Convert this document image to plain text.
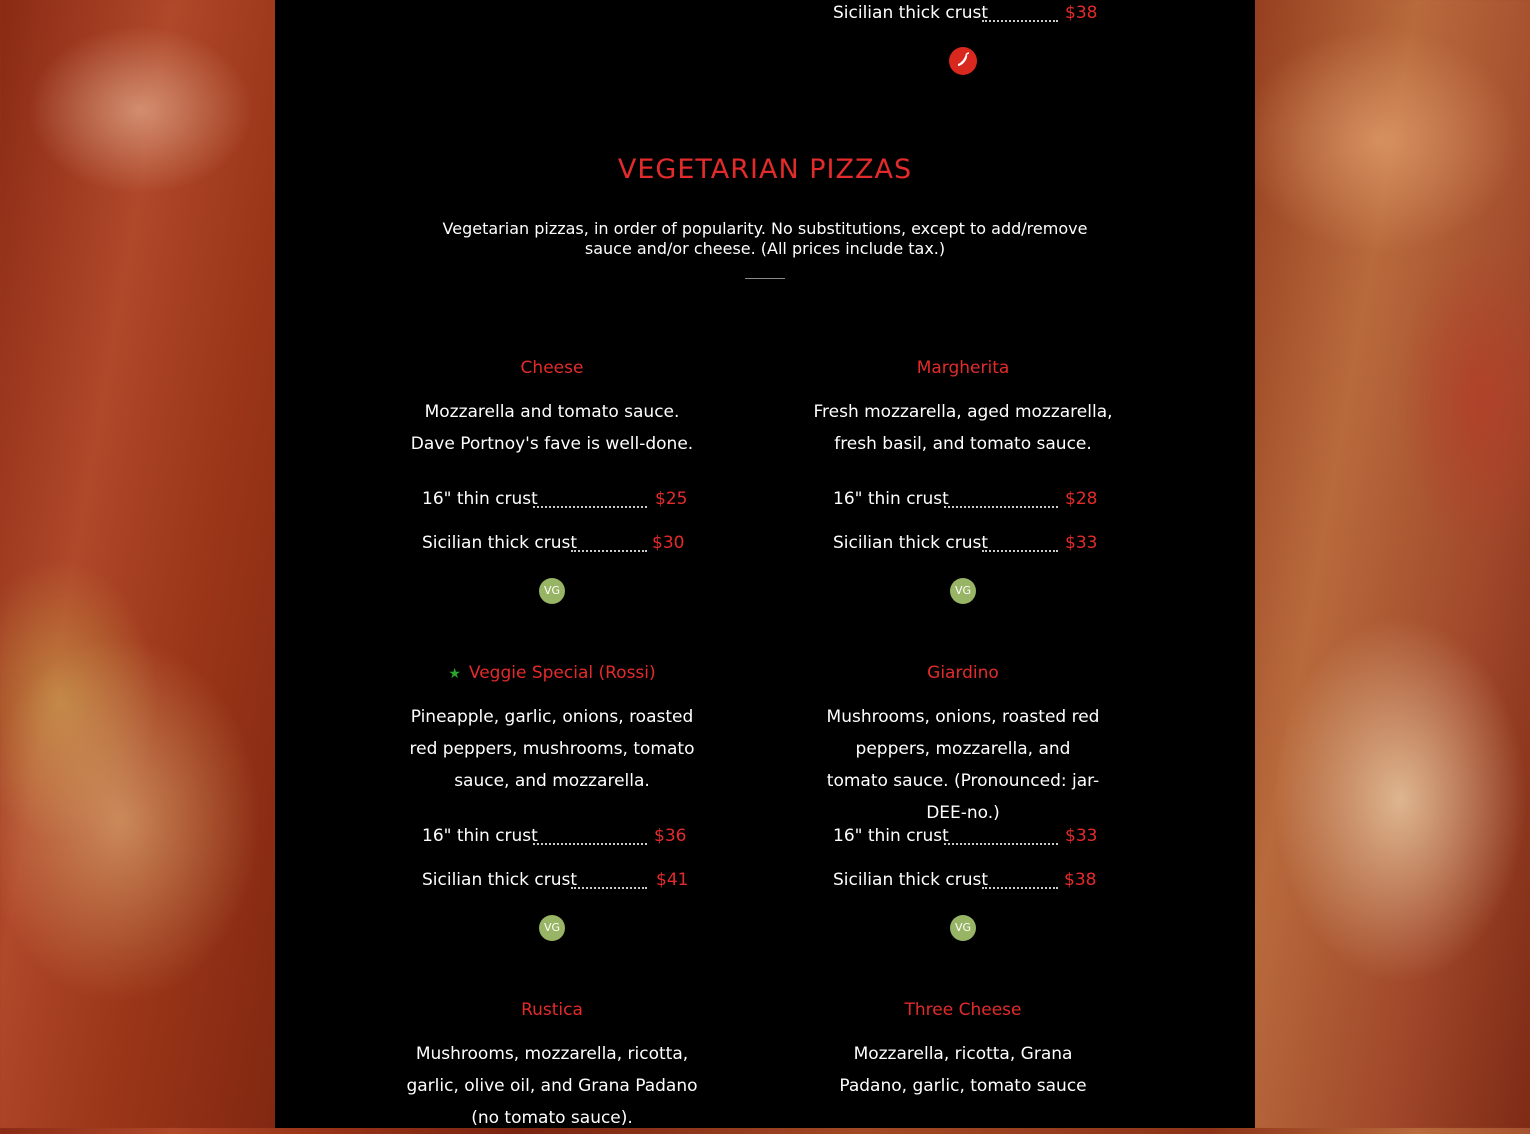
Sicilian thick crust	$38
VEGETARIAN PIZZAS
Vegetarian pizzas, in order of popularity. No substitutions, except to add/remove sauce and/or cheese. (All prices include tax.)
Cheese
Mozzarella and tomato sauce. Dave Portnoy's fave is well-done.
16" thin crust	$25
Sicilian thick crust	$30
VG
Margherita
Fresh mozzarella, aged mozzarella, fresh basil, and tomato sauce.
16" thin crust	$28
Sicilian thick crust	$33
VG
★ Veggie Special (Rossi)
Pineapple, garlic, onions, roasted red peppers, mushrooms, tomato sauce, and mozzarella.
16" thin crust	$36
Sicilian thick crust	$41
VG
Giardino
Mushrooms, onions, roasted red peppers, mozzarella, and tomato sauce. (Pronounced: jar-DEE-no.)
16" thin crust	$33
Sicilian thick crust	$38
VG
Rustica
Mushrooms, mozzarella, ricotta, garlic, olive oil, and Grana Padano (no tomato sauce).
Three Cheese
Mozzarella, ricotta, Grana Padano, garlic, tomato sauce
